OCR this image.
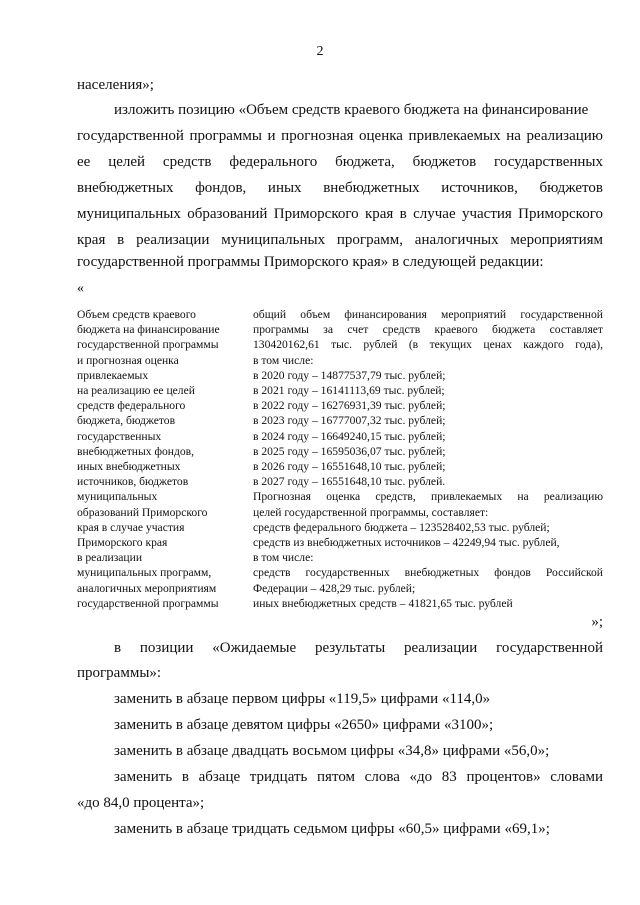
2
населения»;
изложить позицию «Объем средств краевого бюджета на финансирование
государственной программы и прогнозная оценка привлекаемых на реализацию
ее целей средств федерального бюджета, бюджетов государственных
внебюджетных фондов, иных внебюджетных источников, бюджетов
муниципальных образований Приморского края в случае участия Приморского
края в реализации муниципальных программ, аналогичных мероприятиям
государственной программы Приморского края» в следующей редакции:
«
Объем средств краевого
бюджета на финансирование
государственной программы
и прогнозная оценка
привлекаемых
на реализацию ее целей
средств федерального
бюджета, бюджетов
государственных
внебюджетных фондов,
иных внебюджетных
источников, бюджетов
муниципальных
образований Приморского
края в случае участия
Приморского края
в реализации
муниципальных программ,
аналогичных мероприятиям
государственной программы
общий объем финансирования мероприятий государственной
программы за счет средств краевого бюджета составляет
130420162,61 тыс. рублей (в текущих ценах каждого года),
в том числе:
в 2020 году – 14877537,79 тыс. рублей;
в 2021 году – 16141113,69 тыс. рублей;
в 2022 году – 16276931,39 тыс. рублей;
в 2023 году – 16777007,32 тыс. рублей;
в 2024 году – 16649240,15 тыс. рублей;
в 2025 году – 16595036,07 тыс. рублей;
в 2026 году – 16551648,10 тыс. рублей;
в 2027 году – 16551648,10 тыс. рублей.
Прогнозная оценка средств, привлекаемых на реализацию
целей государственной программы, составляет:
средств федерального бюджета – 123528402,53 тыс. рублей;
средств из внебюджетных источников – 42249,94 тыс. рублей,
в том числе:
средств государственных внебюджетных фондов Российской
Федерации – 428,29 тыс. рублей;
иных внебюджетных средств – 41821,65 тыс. рублей
»;
в позиции «Ожидаемые результаты реализации государственной
программы»:
заменить в абзаце первом цифры «119,5» цифрами «114,0»
заменить в абзаце девятом цифры «2650» цифрами «3100»;
заменить в абзаце двадцать восьмом цифры «34,8» цифрами «56,0»;
заменить в абзаце тридцать пятом слова «до 83 процентов» словами
«до 84,0 процента»;
заменить в абзаце тридцать седьмом цифры «60,5» цифрами «69,1»;
